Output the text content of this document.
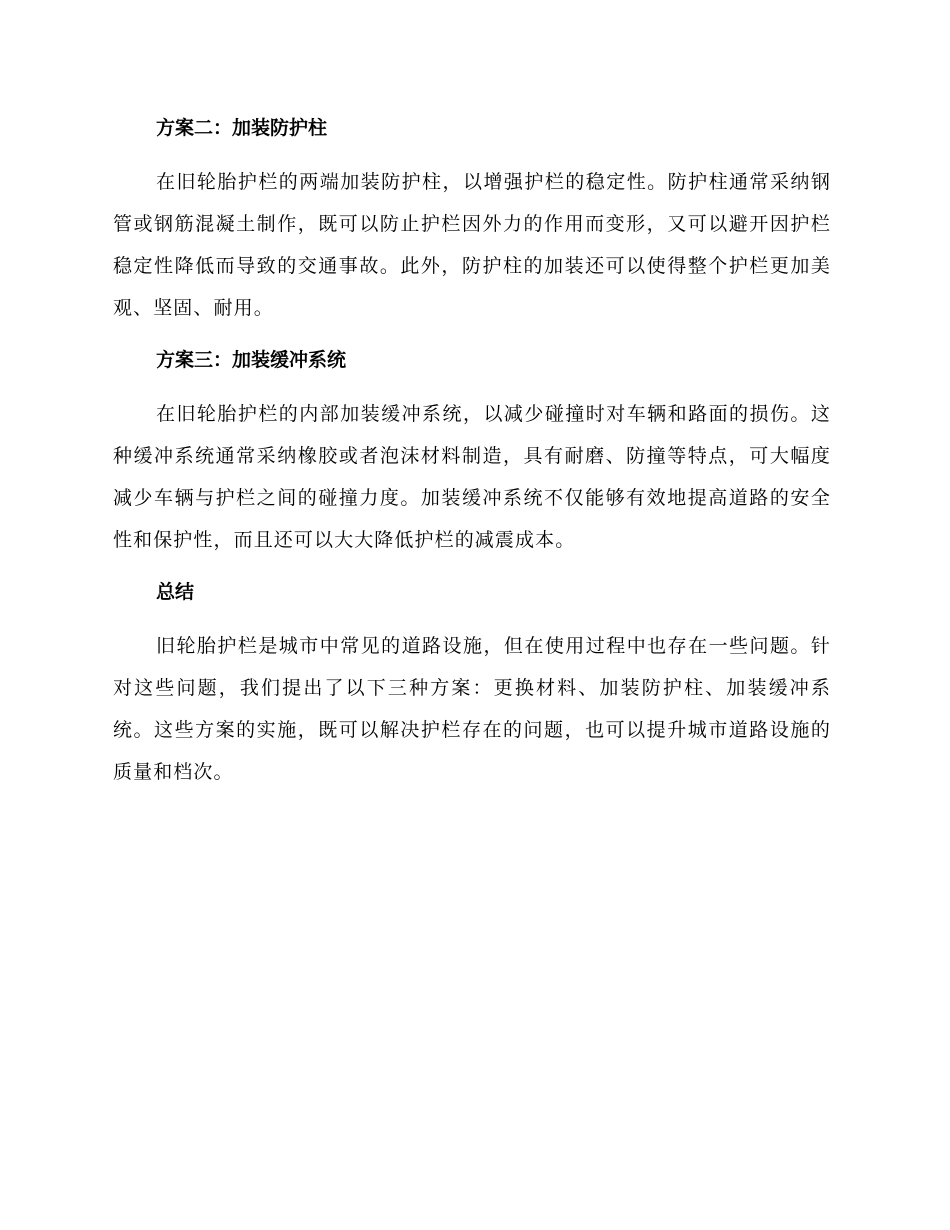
方案二：加装防护柱

在旧轮胎护栏的两端加装防护柱，以增强护栏的稳定性。防护柱通常采纳钢管或钢筋混凝土制作，既可以防止护栏因外力的作用而变形，又可以避开因护栏稳定性降低而导致的交通事故。此外，防护柱的加装还可以使得整个护栏更加美观、坚固、耐用。

方案三：加装缓冲系统

在旧轮胎护栏的内部加装缓冲系统，以减少碰撞时对车辆和路面的损伤。这种缓冲系统通常采纳橡胶或者泡沫材料制造，具有耐磨、防撞等特点，可大幅度减少车辆与护栏之间的碰撞力度。加装缓冲系统不仅能够有效地提高道路的安全性和保护性，而且还可以大大降低护栏的减震成本。

总结

旧轮胎护栏是城市中常见的道路设施，但在使用过程中也存在一些问题。针对这些问题，我们提出了以下三种方案：更换材料、加装防护柱、加装缓冲系统。这些方案的实施，既可以解决护栏存在的问题，也可以提升城市道路设施的质量和档次。
